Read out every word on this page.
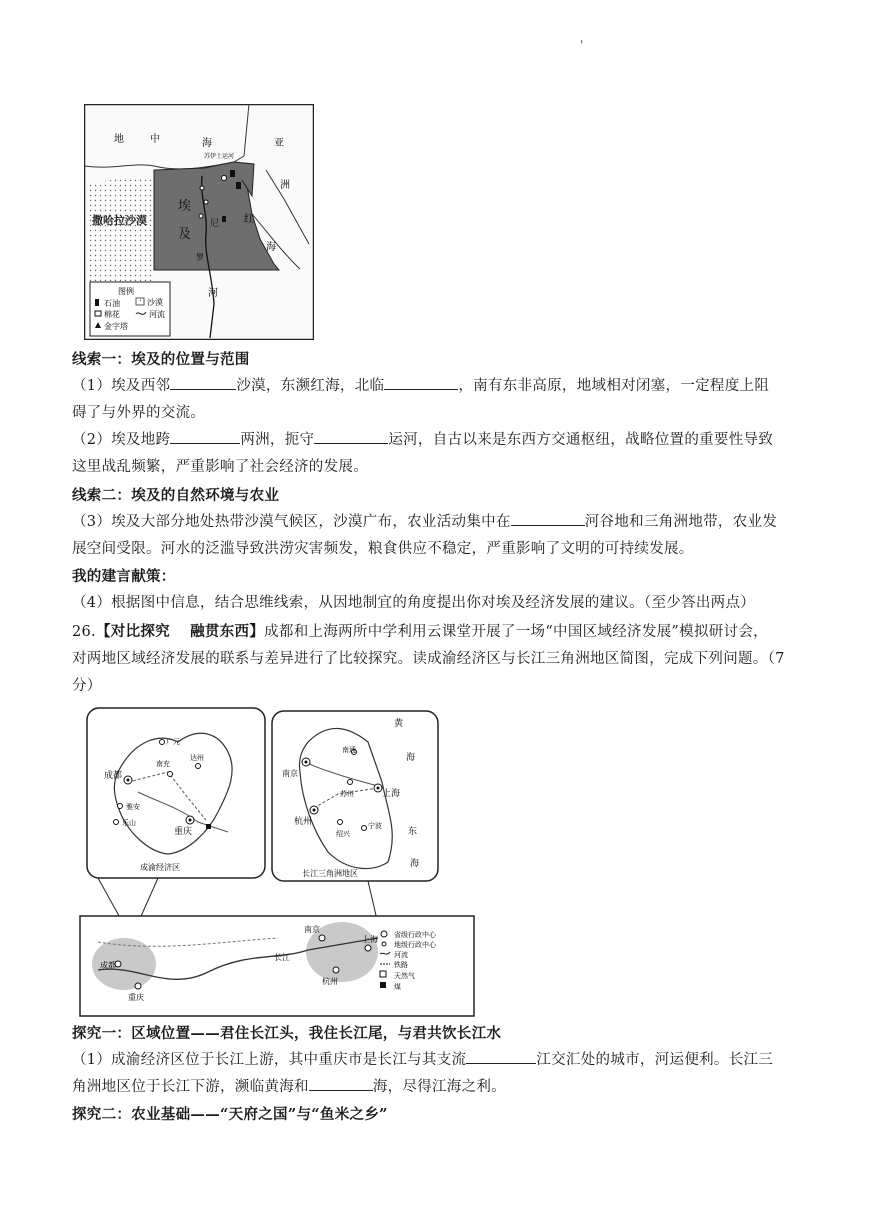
'
地	中	海	亚
洲
苏伊士运河
埃
及
撒哈拉沙漠	尼 红
海
河
罗
图例
石油	沙漠
棉花	河流
金字塔
线索一：埃及的位置与范围
（1）埃及西邻	沙漠，东濒红海，北临	，南有东非高原，地域相对闭塞，一定程度上阻
碍了与外界的交流。
（2）埃及地跨	两洲，扼守	运河，自古以来是东西方交通枢纽，战略位置的重要性导致
这里战乱频繁，严重影响了社会经济的发展。
线索二：埃及的自然环境与农业
（3）埃及大部分地处热带沙漠气候区，沙漠广布，农业活动集中在	河谷地和三角洲地带，农业发
展空间受限。河水的泛滥导致洪涝灾害频发，粮食供应不稳定，严重影响了文明的可持续发展。
我的建言献策：
（4）根据图中信息，结合思维线索，从因地制宜的角度提出你对埃及经济发展的建议。（至少答出两点）
26.【对比探究　 融贯东西】成都和上海两所中学利用云课堂开展了一场“中国区域经济发展”模拟研讨会，
对两地区域经济发展的联系与差异进行了比较探究。读成渝经济区与长江三角洲地区简图，完成下列问题。（7
分）
成都
重庆
南充
雅安
乐山
达州
广元
成渝经济区
南京
苏州	上海
杭州	宁波
绍兴
南通
黄
海
东
海
长江三角洲地区
成都
重庆
南京
杭州
上海
长江
省级行政中心
地级行政中心
河流
铁路
天然气
煤
探究一：区域位置——君住长江头，我住长江尾，与君共饮长江水
（1）成渝经济区位于长江上游，其中重庆市是长江与其支流	江交汇处的城市，河运便利。长江三
角洲地区位于长江下游，濒临黄海和	海，尽得江海之利。
探究二：农业基础——“天府之国”与“鱼米之乡”
